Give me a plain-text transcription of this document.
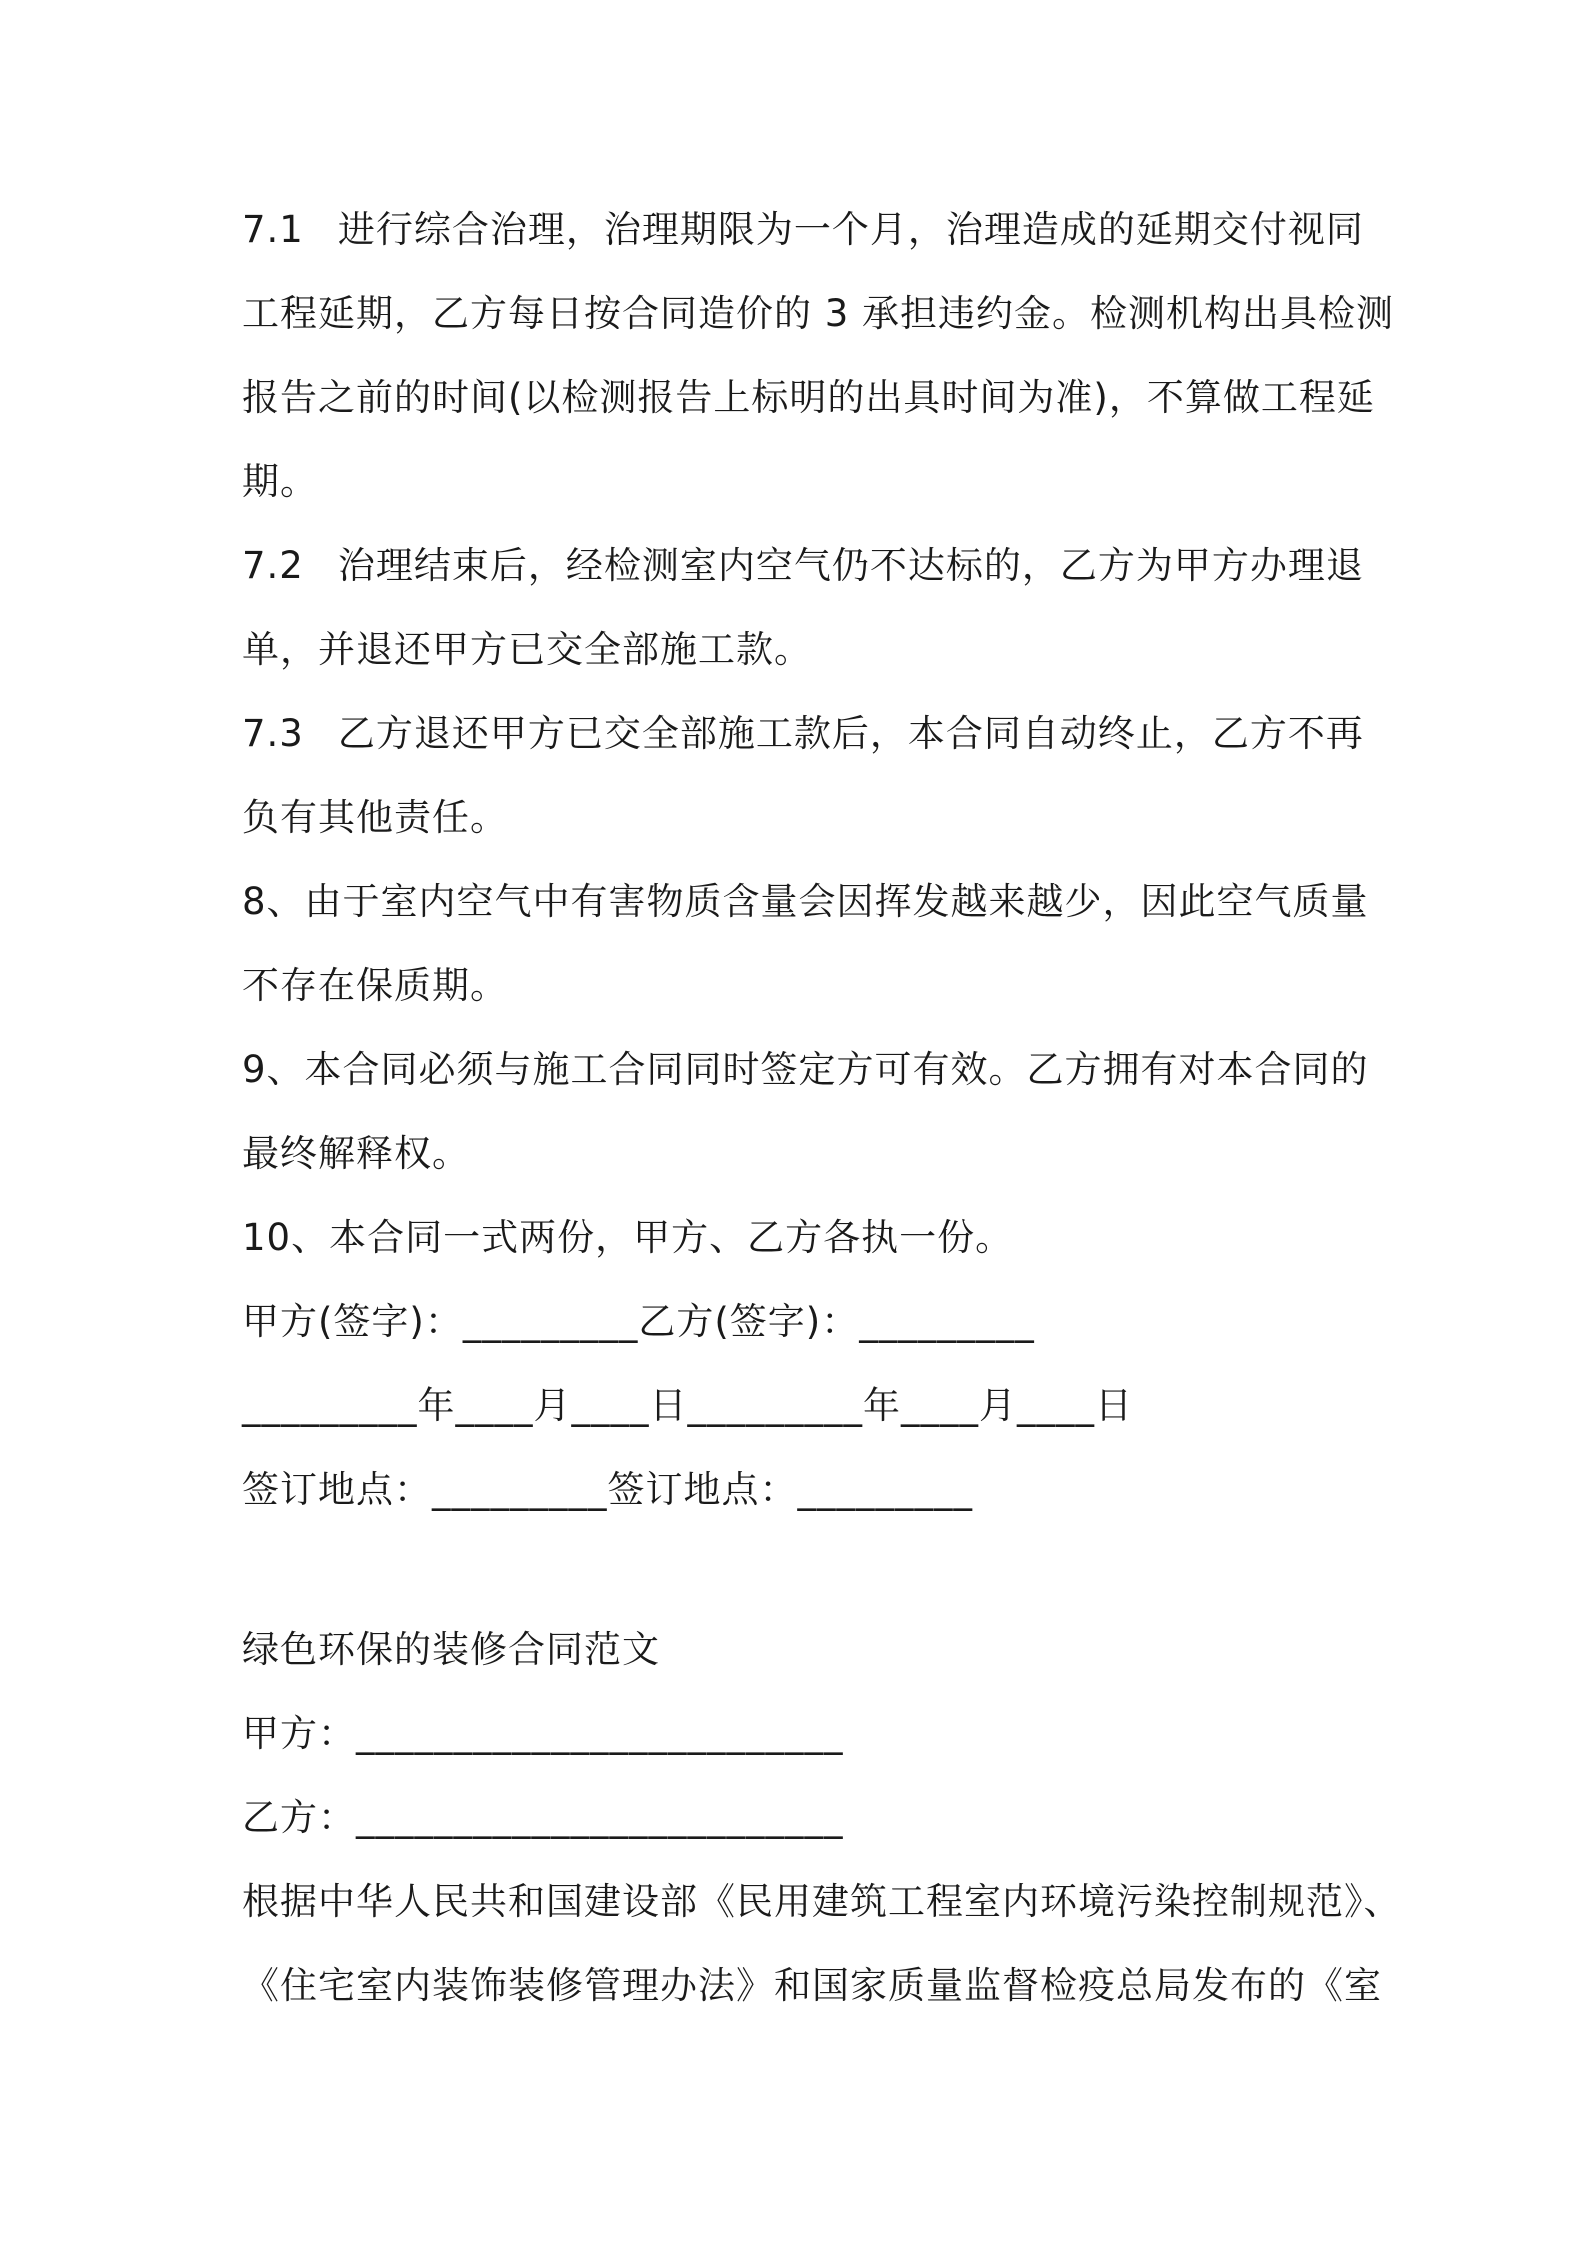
7.1 进行综合治理，治理期限为一个月，治理造成的延期交付视同
工程延期，乙方每日按合同造价的 3 承担违约金。检测机构出具检测
报告之前的时间(以检测报告上标明的出具时间为准)，不算做工程延
期。
7.2 治理结束后，经检测室内空气仍不达标的，乙方为甲方办理退
单，并退还甲方已交全部施工款。
7.3 乙方退还甲方已交全部施工款后，本合同自动终止，乙方不再
负有其他责任。
8、由于室内空气中有害物质含量会因挥发越来越少，因此空气质量
不存在保质期。
9、本合同必须与施工合同同时签定方可有效。乙方拥有对本合同的
最终解释权。
10、本合同一式两份，甲方、乙方各执一份。
甲方(签字)：_________乙方(签字)：_________
_________年____月____日_________年____月____日
签订地点：_________签订地点：_________
绿色环保的装修合同范文
甲方：_________________________
乙方：_________________________
根据中华人民共和国建设部《民用建筑工程室内环境污染控制规范》、
《住宅室内装饰装修管理办法》和国家质量监督检疫总局发布的《室
